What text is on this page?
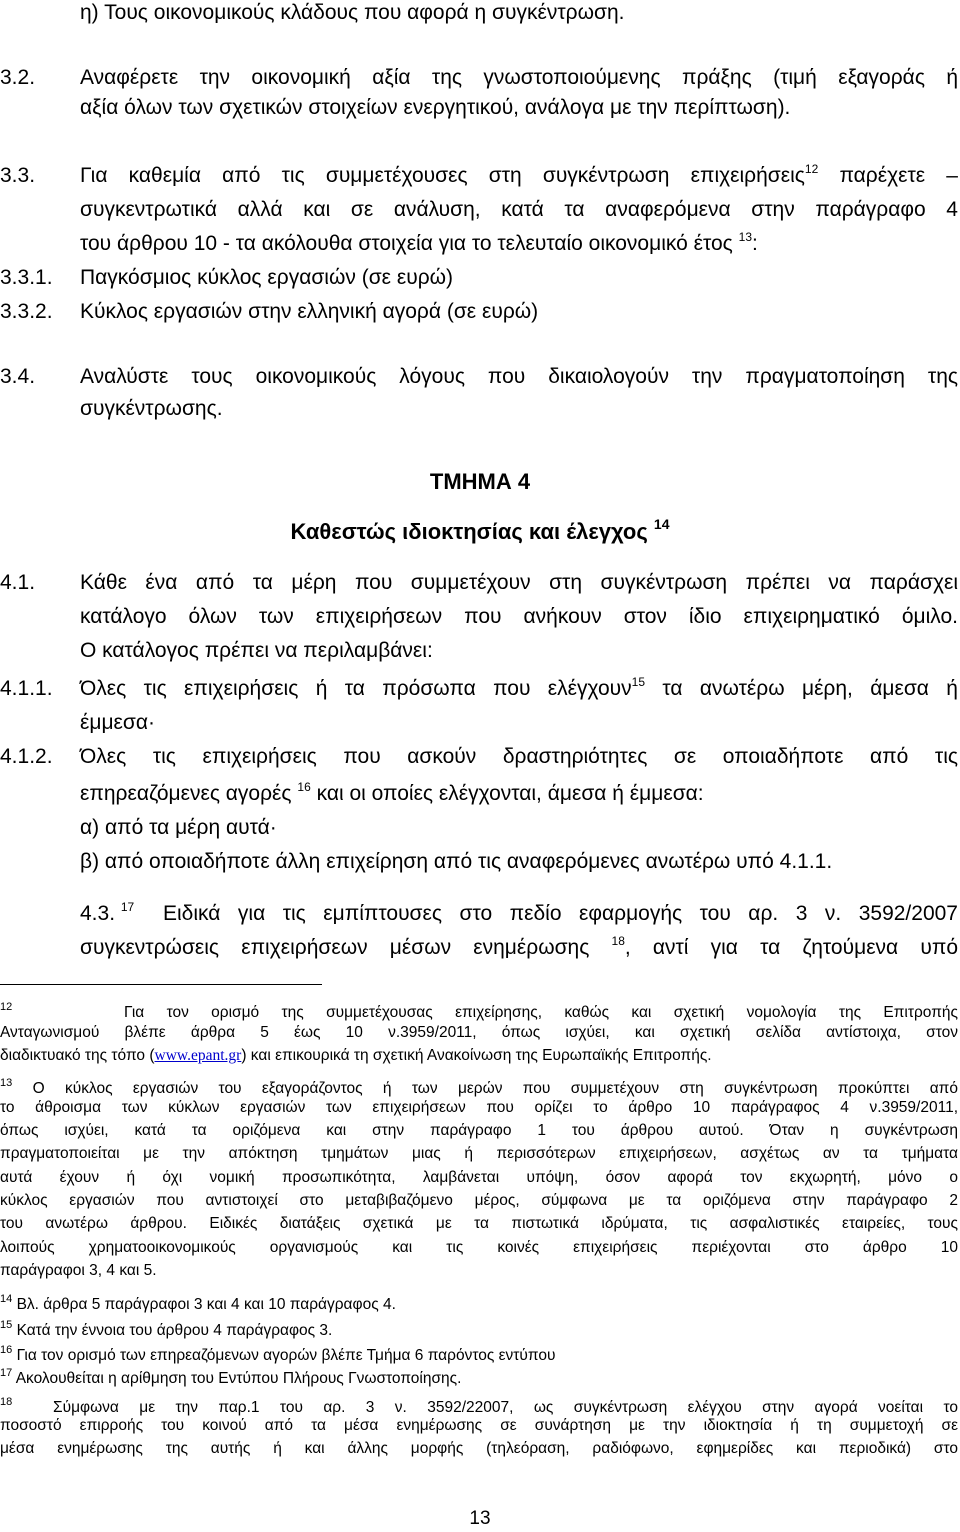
η) Τους οικονομικούς κλάδους που αφορά η συγκέντρωση.
3.2. Αναφέρετε την οικονομική αξία της γνωστοποιούμενης πράξης (τιμή εξαγοράς ή
αξία όλων των σχετικών στοιχείων ενεργητικού, ανάλογα με την περίπτωση).
3.3. Για καθεμία από τις συμμετέχουσες στη συγκέντρωση επιχειρήσεις$^{12}$ παρέχετε –
συγκεντρωτικά αλλά και σε ανάλυση, κατά τα αναφερόμενα στην παράγραφο 4
του άρθρου 10 - τα ακόλουθα στοιχεία για το τελευταίο οικονομικό έτος $^{13}$:
3.3.1. Παγκόσμιος κύκλος εργασιών (σε ευρώ)
3.3.2. Κύκλος εργασιών στην ελληνική αγορά (σε ευρώ)
3.4. Αναλύστε τους οικονομικούς λόγους που δικαιολογούν την πραγματοποίηση της
συγκέντρωσης.
ΤΜΗΜΑ 4
Καθεστώς ιδιοκτησίας και έλεγχος $^{14}$
4.1. Κάθε ένα από τα μέρη που συμμετέχουν στη συγκέντρωση πρέπει να παράσχει
κατάλογο όλων των επιχειρήσεων που ανήκουν στον ίδιο επιχειρηματικό όμιλο.
Ο κατάλογος πρέπει να περιλαμβάνει:
4.1.1. Όλες τις επιχειρήσεις ή τα πρόσωπα που ελέγχουν$^{15}$ τα ανωτέρω μέρη, άμεσα ή
έμμεσα·
4.1.2. Όλες τις επιχειρήσεις που ασκούν δραστηριότητες σε οποιαδήποτε από τις
επηρεαζόμενες αγορές $^{16}$ και οι οποίες ελέγχονται, άμεσα ή έμμεσα:
α) από τα μέρη αυτά·
β) από οποιαδήποτε άλλη επιχείρηση από τις αναφερόμενες ανωτέρω υπό 4.1.1.
4.3. $^{17}$ Ειδικά για τις εμπίπτουσες στο πεδίο εφαρμογής του αρ. 3 ν. 3592/2007
συγκεντρώσεις επιχειρήσεων μέσων ενημέρωσης $^{18}$, αντί για τα ζητούμενα υπό
$^{12}$	Για τον ορισμό της συμμετέχουσας επιχείρησης, καθώς και σχετική νομολογία της Επιτροπής
Ανταγωνισμού βλέπε άρθρα 5 έως 10 ν.3959/2011, όπως ισχύει, και σχετική σελίδα αντίστοιχα, στον
διαδικτυακό της τόπο (www.epant.gr) και επικουρικά τη σχετική Ανακοίνωση της Ευρωπαϊκής Επιτροπής.
$^{13}$ Ο κύκλος εργασιών του εξαγοράζοντος ή των μερών που συμμετέχουν στη συγκέντρωση προκύπτει από
το άθροισμα των κύκλων εργασιών των επιχειρήσεων που ορίζει το άρθρο 10 παράγραφος 4 ν.3959/2011,
όπως ισχύει, κατά τα οριζόμενα και στην παράγραφο 1 του άρθρου αυτού. Όταν η συγκέντρωση
πραγματοποιείται με την απόκτηση τμημάτων μιας ή περισσότερων επιχειρήσεων, ασχέτως αν τα τμήματα
αυτά έχουν ή όχι νομική προσωπικότητα, λαμβάνεται υπόψη, όσον αφορά τον εκχωρητή, μόνο ο
κύκλος εργασιών που αντιστοιχεί στο μεταβιβαζόμενο μέρος, σύμφωνα με τα οριζόμενα στην παράγραφο 2
του ανωτέρω άρθρου. Ειδικές διατάξεις σχετικά με τα πιστωτικά ιδρύματα, τις ασφαλιστικές εταιρείες, τους
λοιπούς χρηματοοικονομικούς οργανισμούς και τις κοινές επιχειρήσεις περιέχονται στο άρθρο 10
παράγραφοι 3, 4 και 5.
$^{14}$ Βλ. άρθρα 5 παράγραφοι 3 και 4 και 10 παράγραφος 4.
$^{15}$ Κατά την έννοια του άρθρου 4 παράγραφος 3.
$^{16}$ Για τον ορισμό των επηρεαζόμενων αγορών βλέπε Τμήμα 6 παρόντος εντύπου
$^{17}$ Ακολουθείται η αρίθμηση του Εντύπου Πλήρους Γνωστοποίησης.
$^{18}$	Σύμφωνα με την παρ.1 του αρ. 3 ν. 3592/22007, ως συγκέντρωση ελέγχου στην αγορά νοείται το
ποσοστό επιρροής του κοινού από τα μέσα ενημέρωσης σε συνάρτηση με την ιδιοκτησία ή τη συμμετοχή σε
μέσα ενημέρωσης της αυτής ή και άλλης μορφής (τηλεόραση, ραδιόφωνο, εφημερίδες και περιοδικά) στο
13
